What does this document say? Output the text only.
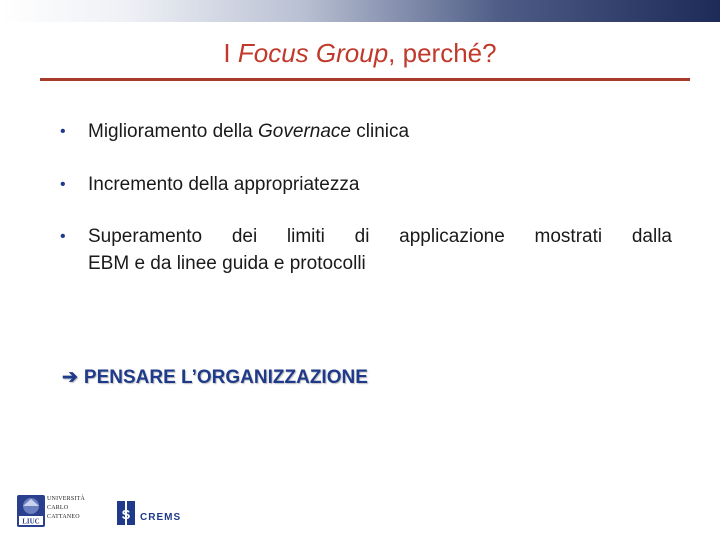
I Focus Group, perché?
• Miglioramento della Governace clinica
• Incremento della appropriatezza
• Superamento dei limiti di applicazione mostrati dalla
EBM e da linee guida e protocolli
➔ PENSARE L’ORGANIZZAZIONE
LIUC
UNIVERSITÀ
CARLO
CATTANEO	S CREMS
